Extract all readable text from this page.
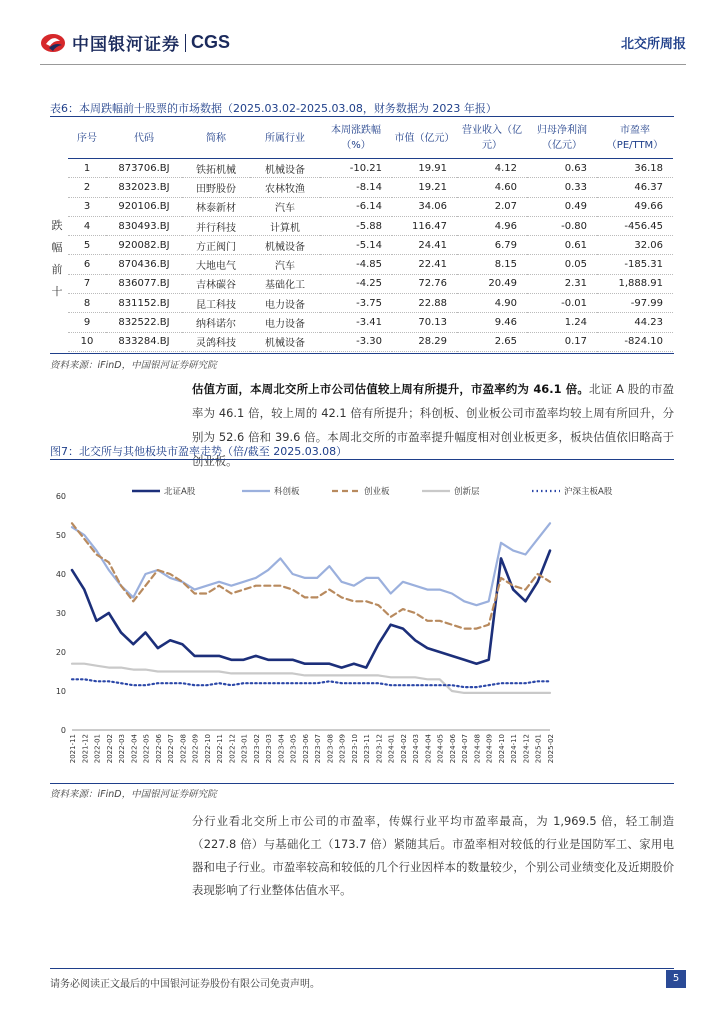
中国银河证券 CGS	北交所周报
表6：本周跌幅前十股票的市场数据（2025.03.02-2025.03.08，财务数据为 2023 年报）
跌
幅
前
十
序号	代码	简称	所属行业	本周涨跌幅（%）	市值（亿元）	营业收入（亿元）	归母净利润（亿元）	市盈率（PE/TTM）
1	873706.BJ	铁拓机械	机械设备	-10.21	19.91	4.12	0.63	36.18
2	832023.BJ	田野股份	农林牧渔	-8.14	19.21	4.60	0.33	46.37
3	920106.BJ	林泰新材	汽车	-6.14	34.06	2.07	0.49	49.66
4	830493.BJ	并行科技	计算机	-5.88	116.47	4.96	-0.80	-456.45
5	920082.BJ	方正阀门	机械设备	-5.14	24.41	6.79	0.61	32.06
6	870436.BJ	大地电气	汽车	-4.85	22.41	8.15	0.05	-185.31
7	836077.BJ	吉林碳谷	基础化工	-4.25	72.76	20.49	2.31	1,888.91
8	831152.BJ	昆工科技	电力设备	-3.75	22.88	4.90	-0.01	-97.99
9	832522.BJ	纳科诺尔	电力设备	-3.41	70.13	9.46	1.24	44.23
10	833284.BJ	灵鸽科技	机械设备	-3.30	28.29	2.65	0.17	-824.10
资料来源：iFinD，中国银河证券研究院
估值方面，本周北交所上市公司估值较上周有所提升，市盈率约为 46.1 倍。北证 A 股的市盈率为 46.1 倍，较上周的 42.1 倍有所提升；科创板、创业板公司市盈率均较上周有所回升，分别为 52.6 倍和 39.6 倍。本周北交所的市盈率提升幅度相对创业板更多，板块估值依旧略高于创业板。
图7：北交所与其他板块市盈率走势（倍/截至 2025.03.08）
0
10
20
30
40
50
60
2021-11 2021-12 2022-01 2022-02 2022-03 2022-04 2022-05 2022-06 2022-07 2022-08 2022-09 2022-10 2022-11 2022-12 2023-01 2023-02 2023-03 2023-04 2023-05 2023-06 2023-07 2023-08 2023-09 2023-10 2023-11 2023-12 2024-01 2024-02 2024-03 2024-04 2024-05 2024-06 2024-07 2024-08 2024-09 2024-10 2024-11 2024-12 2025-01 2025-02
北证A股	科创板	创业板	创新层	沪深主板A股
资料来源：iFinD，中国银河证券研究院
分行业看北交所上市公司的市盈率，传媒行业平均市盈率最高，为 1,969.5 倍，轻工制造（227.8 倍）与基础化工（173.7 倍）紧随其后。市盈率相对较低的行业是国防军工、家用电器和电子行业。市盈率较高和较低的几个行业因样本的数量较少，个别公司业绩变化及近期股价表现影响了行业整体估值水平。
请务必阅读正文最后的中国银河证券股份有限公司免责声明。
5
